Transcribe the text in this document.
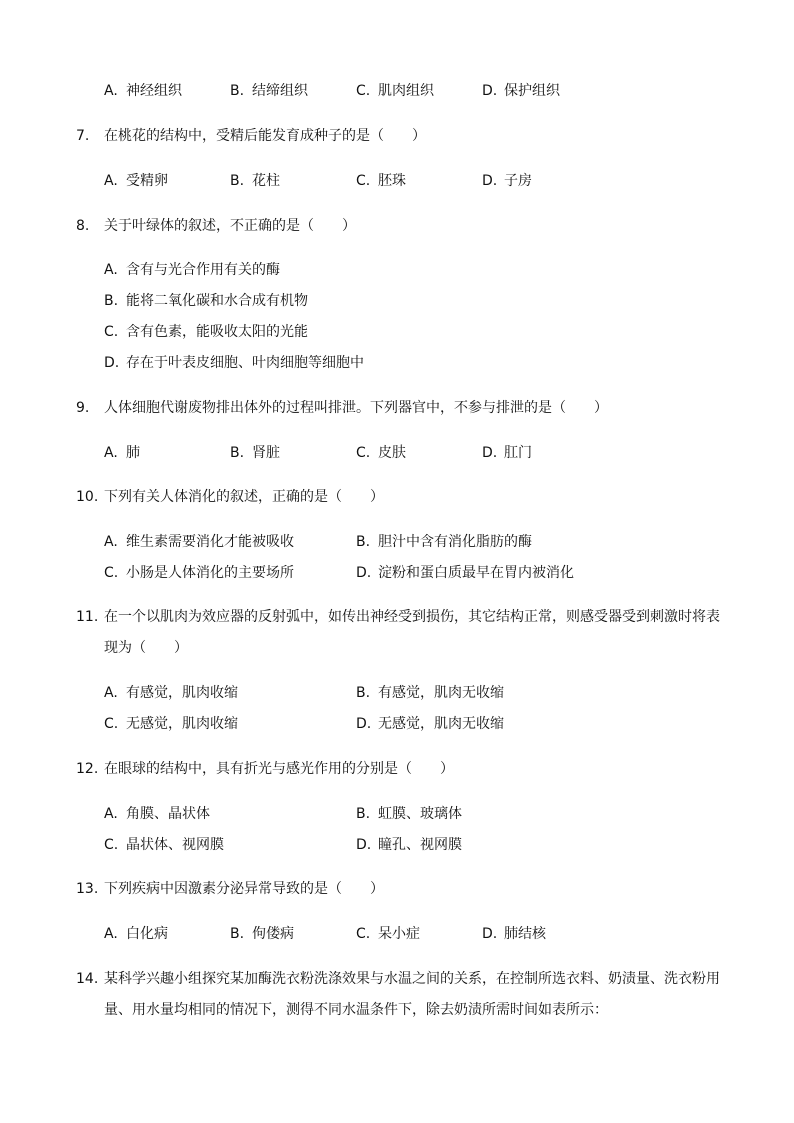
A. 神经组织	B. 结缔组织	C. 肌肉组织	D. 保护组织
7. 在桃花的结构中，受精后能发育成种子的是（　　）
A. 受精卵	B. 花柱	C. 胚珠	D. 子房
8. 关于叶绿体的叙述，不正确的是（　　）
A. 含有与光合作用有关的酶
B. 能将二氧化碳和水合成有机物
C. 含有色素，能吸收太阳的光能
D. 存在于叶表皮细胞、叶肉细胞等细胞中
9. 人体细胞代谢废物排出体外的过程叫排泄。下列器官中，不参与排泄的是（　　）
A. 肺	B. 肾脏	C. 皮肤	D. 肛门
10. 下列有关人体消化的叙述，正确的是（　　）
A. 维生素需要消化才能被吸收	B. 胆汁中含有消化脂肪的酶
C. 小肠是人体消化的主要场所	D. 淀粉和蛋白质最早在胃内被消化
11. 在一个以肌肉为效应器的反射弧中，如传出神经受到损伤，其它结构正常，则感受器受到刺激时将表
现为（　　）
A. 有感觉，肌肉收缩	B. 有感觉，肌肉无收缩
C. 无感觉，肌肉收缩	D. 无感觉，肌肉无收缩
12. 在眼球的结构中，具有折光与感光作用的分别是（　　）
A. 角膜、晶状体	B. 虹膜、玻璃体
C. 晶状体、视网膜	D. 瞳孔、视网膜
13. 下列疾病中因激素分泌异常导致的是（　　）
A. 白化病	B. 佝偻病	C. 呆小症	D. 肺结核
14. 某科学兴趣小组探究某加酶洗衣粉洗涤效果与水温之间的关系，在控制所选衣料、奶渍量、洗衣粉用
量、用水量均相同的情况下，测得不同水温条件下，除去奶渍所需时间如表所示：
